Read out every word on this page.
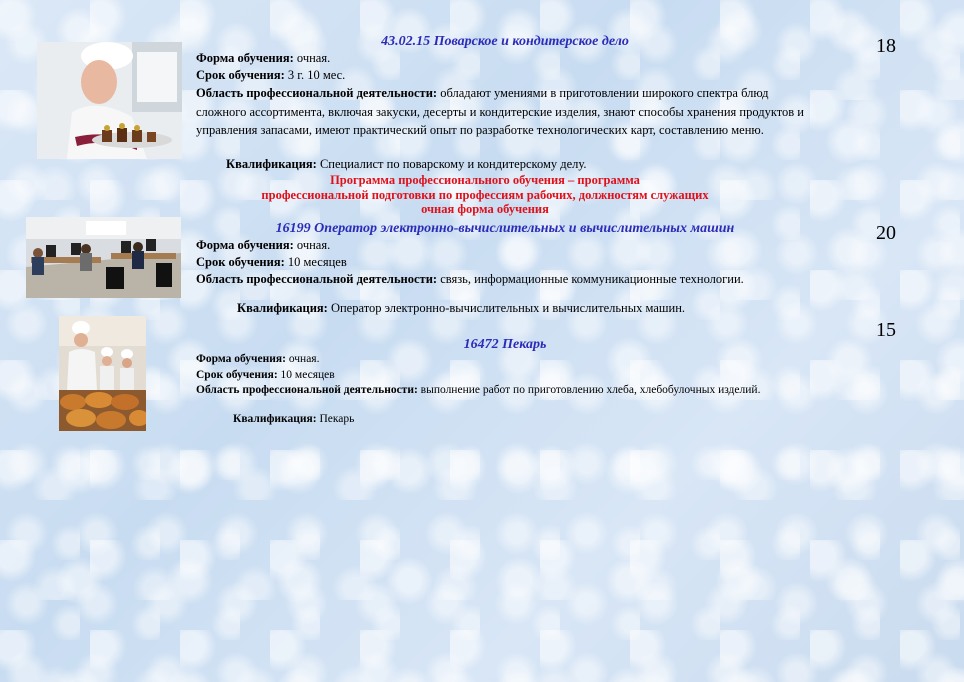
43.02.15 Поварское и кондитерское дело
Форма обучения: очная.
Срок обучения: 3 г. 10 мес.
Область профессиональной деятельности: обладают умениями в приготовлении широкого спектра блюд сложного ассортимента, включая закуски, десерты и кондитерские изделия, знают способы хранения продуктов и управления запасами, имеют практический опыт по разработке технологических карт, составлению меню.
Квалификация: Специалист по поварскому и кондитерскому делу.
18
Программа профессионального обучения – программа
профессиональной подготовки по профессиям рабочих, должностям служащих
очная форма обучения
16199 Оператор электронно-вычислительных и вычислительных машин
Форма обучения: очная.
Срок обучения: 10 месяцев
Область профессиональной деятельности: связь, информационные коммуникационные технологии.
Квалификация: Оператор электронно-вычислительных и вычислительных машин.
20
16472 Пекарь
Форма обучения: очная.
Срок обучения: 10 месяцев
Область профессиональной деятельности: выполнение работ по приготовлению хлеба, хлебобулочных изделий.
Квалификация: Пекарь
15
